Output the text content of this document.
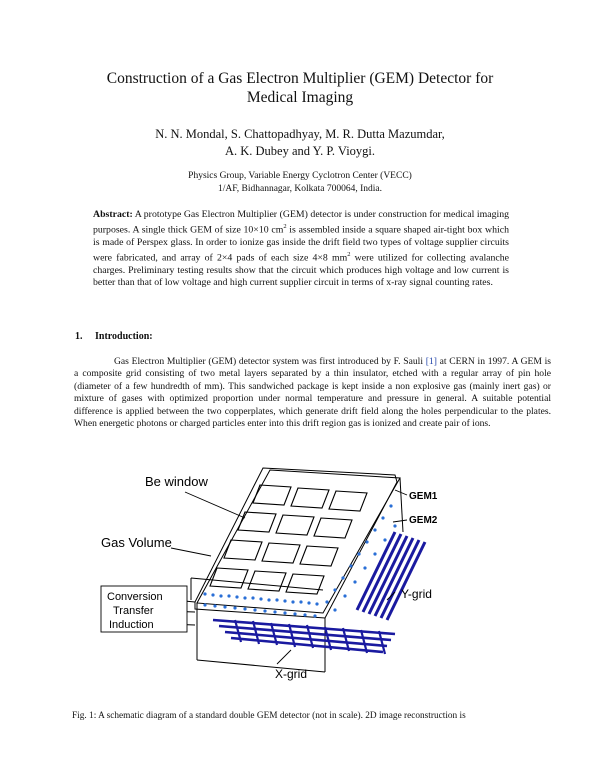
Construction of a Gas Electron Multiplier (GEM) Detector for
Medical Imaging
N. N. Mondal, S. Chattopadhyay, M. R. Dutta Mazumdar,
A. K. Dubey and Y. P. Vioygi.
Physics Group, Variable Energy Cyclotron Center (VECC)
1/AF, Bidhannagar, Kolkata 700064, India.
Abstract: A prototype Gas Electron Multiplier (GEM) detector is under construction for medical imaging purposes. A single thick GEM of size 10×10 $cm^2$ is assembled inside a square shaped air-tight box which is made of Perspex glass. In order to ionize gas inside the drift field two types of voltage supplier circuits were fabricated, and array of 2×4 pads of each size 4×8 $mm^2$ were utilized for collecting avalanche charges. Preliminary testing results show that the circuit which produces high voltage and low current is better than that of low voltage and high current supplier circuit in terms of x-ray signal counting rates.
1. Introduction:
Gas Electron Multiplier (GEM) detector system was first introduced by F. Sauli [1] at CERN in 1997. A GEM is a composite grid consisting of two metal layers separated by a thin insulator, etched with a regular array of pin hole (diameter of a few hundredth of mm). This sandwiched package is kept inside a non explosive gas (mainly inert gas) or mixture of gases with optimized proportion under normal temperature and pressure in general. A suitable potential difference is applied between the two copperplates, which generate drift field along the holes perpendicular to the plates. When energetic photons or charged particles enter into this drift region gas is ionized and create pair of ions.
Be window
GEM1
GEM2
Gas Volume
Conversion
Transfer
Induction
Y-grid
X-grid
Fig. 1: A schematic diagram of a standard double GEM detector (not in scale). 2D image reconstruction is
